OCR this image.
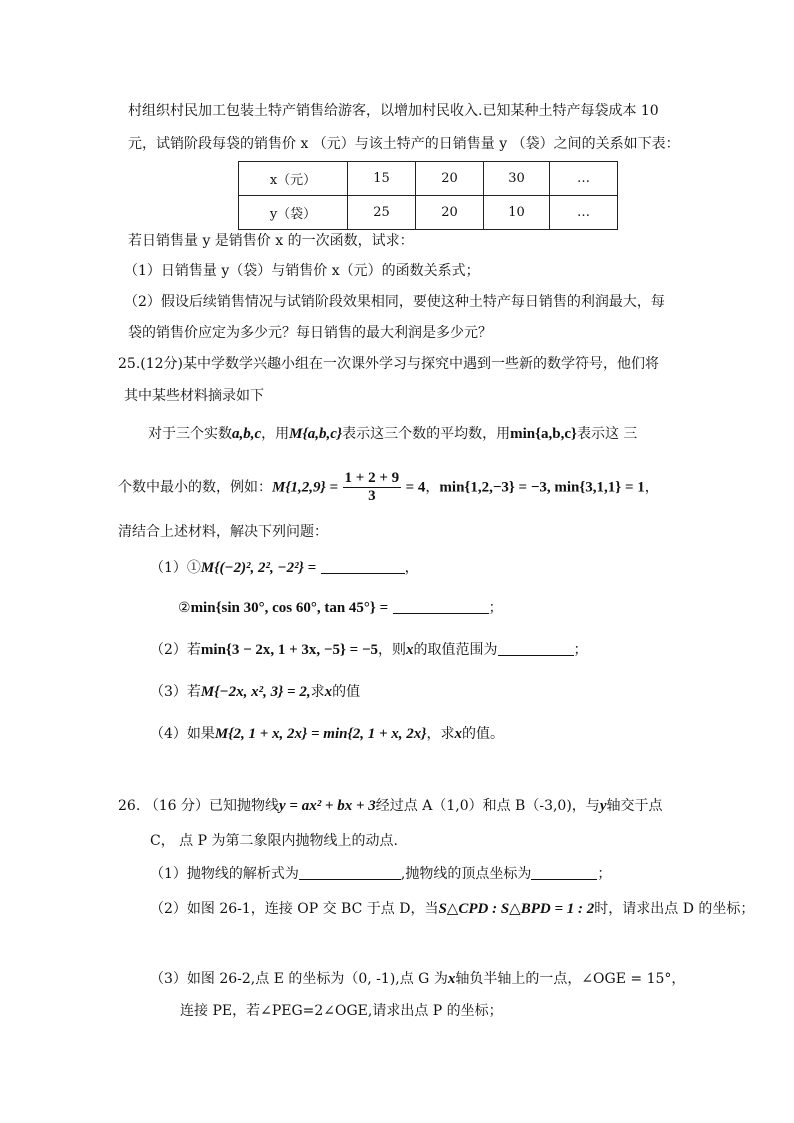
村组织村民加工包装土特产销售给游客，以增加村民收入.已知某种土特产每袋成本 10
元，试销阶段每袋的销售价 x （元）与该土特产的日销售量 y （袋）之间的关系如下表：
x（元）	15	20	30	…
y（袋）	25	20	10	…
若日销售量 y 是销售价 x 的一次函数，试求：
（1）日销售量 y（袋）与销售价 x（元）的函数关系式；
（2）假设后续销售情况与试销阶段效果相同，要使这种土特产每日销售的利润最大，每
袋的销售价应定为多少元？每日销售的最大利润是多少元？
25.(12分)某中学数学兴趣小组在一次课外学习与探究中遇到一些新的数学符号，他们将
其中某些材料摘录如下
对于三个实数a,b,c，用M{a,b,c}表示这三个数的平均数，用min{a,b,c}表示这 三
个数中最小的数，例如：$M\{1,2,9\} = \frac{1 + 2 + 9}{3} = 4$，min{1,2,−3} = −3, min{3,1,1} = 1，
清结合上述材料，解决下列问题：
（1）①M{(−2)², 2², −2²} =	，
②min{sin 30°, cos 60°, tan 45°} =	；
（2）若min{3 − 2x, 1 + 3x, −5} = −5，则x的取值范围为	；
（3）若M{−2x, x², 3} = 2,求x的值
（4）如果M{2, 1 + x, 2x} = min{2, 1 + x, 2x}，求x的值。
26. （16 分）已知抛物线y = ax² + bx + 3经过点 A（1,0）和点 B（-3,0)，与y轴交于点
C， 点 P 为第二象限内抛物线上的动点.
（1）抛物线的解析式为	,抛物线的顶点坐标为	；
（2）如图 26-1，连接 OP 交 BC 于点 D，当S△CPD : S△BPD = 1 : 2时，请求出点 D 的坐标；
（3）如图 26-2,点 E 的坐标为（0, -1),点 G 为x轴负半轴上的一点，∠OGE = 15°，
连接 PE，若∠PEG=2∠OGE,请求出点 P 的坐标；
